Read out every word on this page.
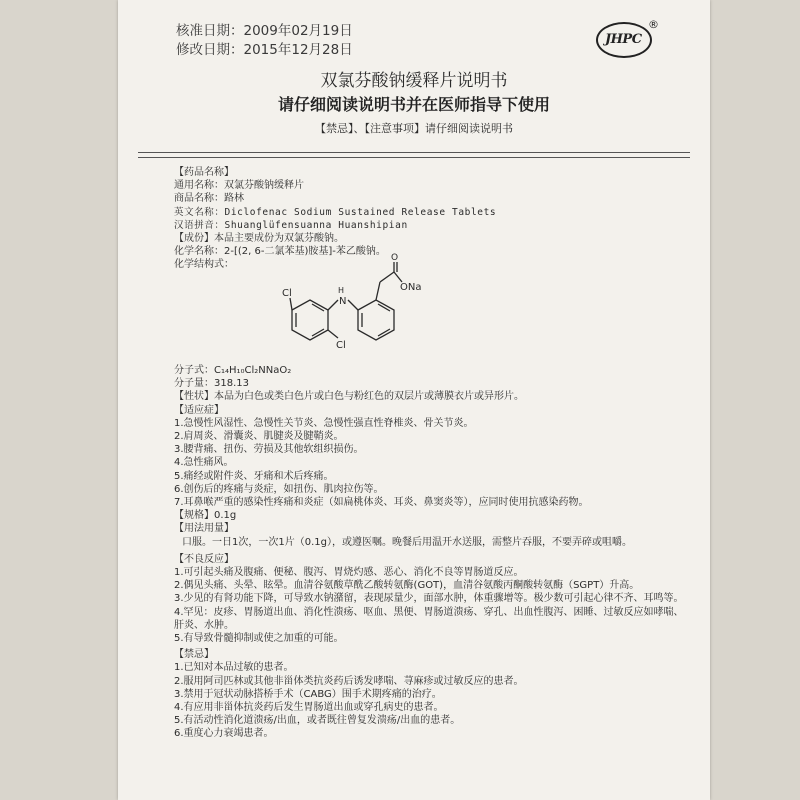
核准日期：2009年02月19日
修改日期：2015年12月28日
JHPC
®
双氯芬酸钠缓释片说明书
请仔细阅读说明书并在医师指导下使用
【禁忌】、【注意事项】请仔细阅读说明书
【药品名称】
通用名称：双氯芬酸钠缓释片
商品名称：路林
英文名称：Diclofenac Sodium Sustained Release Tablets
汉语拼音：Shuanglüfensuanna Huanshipian
【成份】本品主要成份为双氯芬酸钠。
化学名称：2-[(2, 6-二氯苯基)胺基]-苯乙酸钠。
化学结构式：
Cl
Cl
H
N
O
ONa
分子式：C₁₄H₁₀Cl₂NNaO₂
分子量：318.13
【性状】本品为白色或类白色片或白色与粉红色的双层片或薄膜衣片或异形片。
【适应症】
1.急慢性风湿性、急慢性关节炎、急慢性强直性脊椎炎、骨关节炎。
2.肩周炎、滑囊炎、肌腱炎及腱鞘炎。
3.腰背痛、扭伤、劳损及其他软组织损伤。
4.急性痛风。
5.痛经或附件炎、牙痛和术后疼痛。
6.创伤后的疼痛与炎症，如扭伤、肌肉拉伤等。
7.耳鼻喉严重的感染性疼痛和炎症（如扁桃体炎、耳炎、鼻窦炎等），应同时使用抗感染药物。
【规格】0.1g
【用法用量】
口服。一日1次，一次1片（0.1g），或遵医嘱。晚餐后用温开水送服，需整片吞服，不要弄碎或咀嚼。
【不良反应】
1.可引起头痛及腹痛、便秘、腹泻、胃烧灼感、恶心、消化不良等胃肠道反应。
2.偶见头痛、头晕、眩晕。血清谷氨酸草酰乙酸转氨酶(GOT)，血清谷氨酸丙酮酸转氨酶（SGPT）升高。
3.少见的有肾功能下降，可导致水钠潴留，表现尿量少，面部水肿，体重骤增等。极少数可引起心律不齐、耳鸣等。
4.罕见：皮疹、胃肠道出血、消化性溃疡、呕血、黑便、胃肠道溃疡、穿孔、出血性腹泻、困睡、过敏反应如哮喘、肝炎、水肿。
5.有导致骨髓抑制或使之加重的可能。
【禁忌】
1.已知对本品过敏的患者。
2.服用阿司匹林或其他非甾体类抗炎药后诱发哮喘、荨麻疹或过敏反应的患者。
3.禁用于冠状动脉搭桥手术（CABG）围手术期疼痛的治疗。
4.有应用非甾体抗炎药后发生胃肠道出血或穿孔病史的患者。
5.有活动性消化道溃疡/出血，或者既往曾复发溃疡/出血的患者。
6.重度心力衰竭患者。
